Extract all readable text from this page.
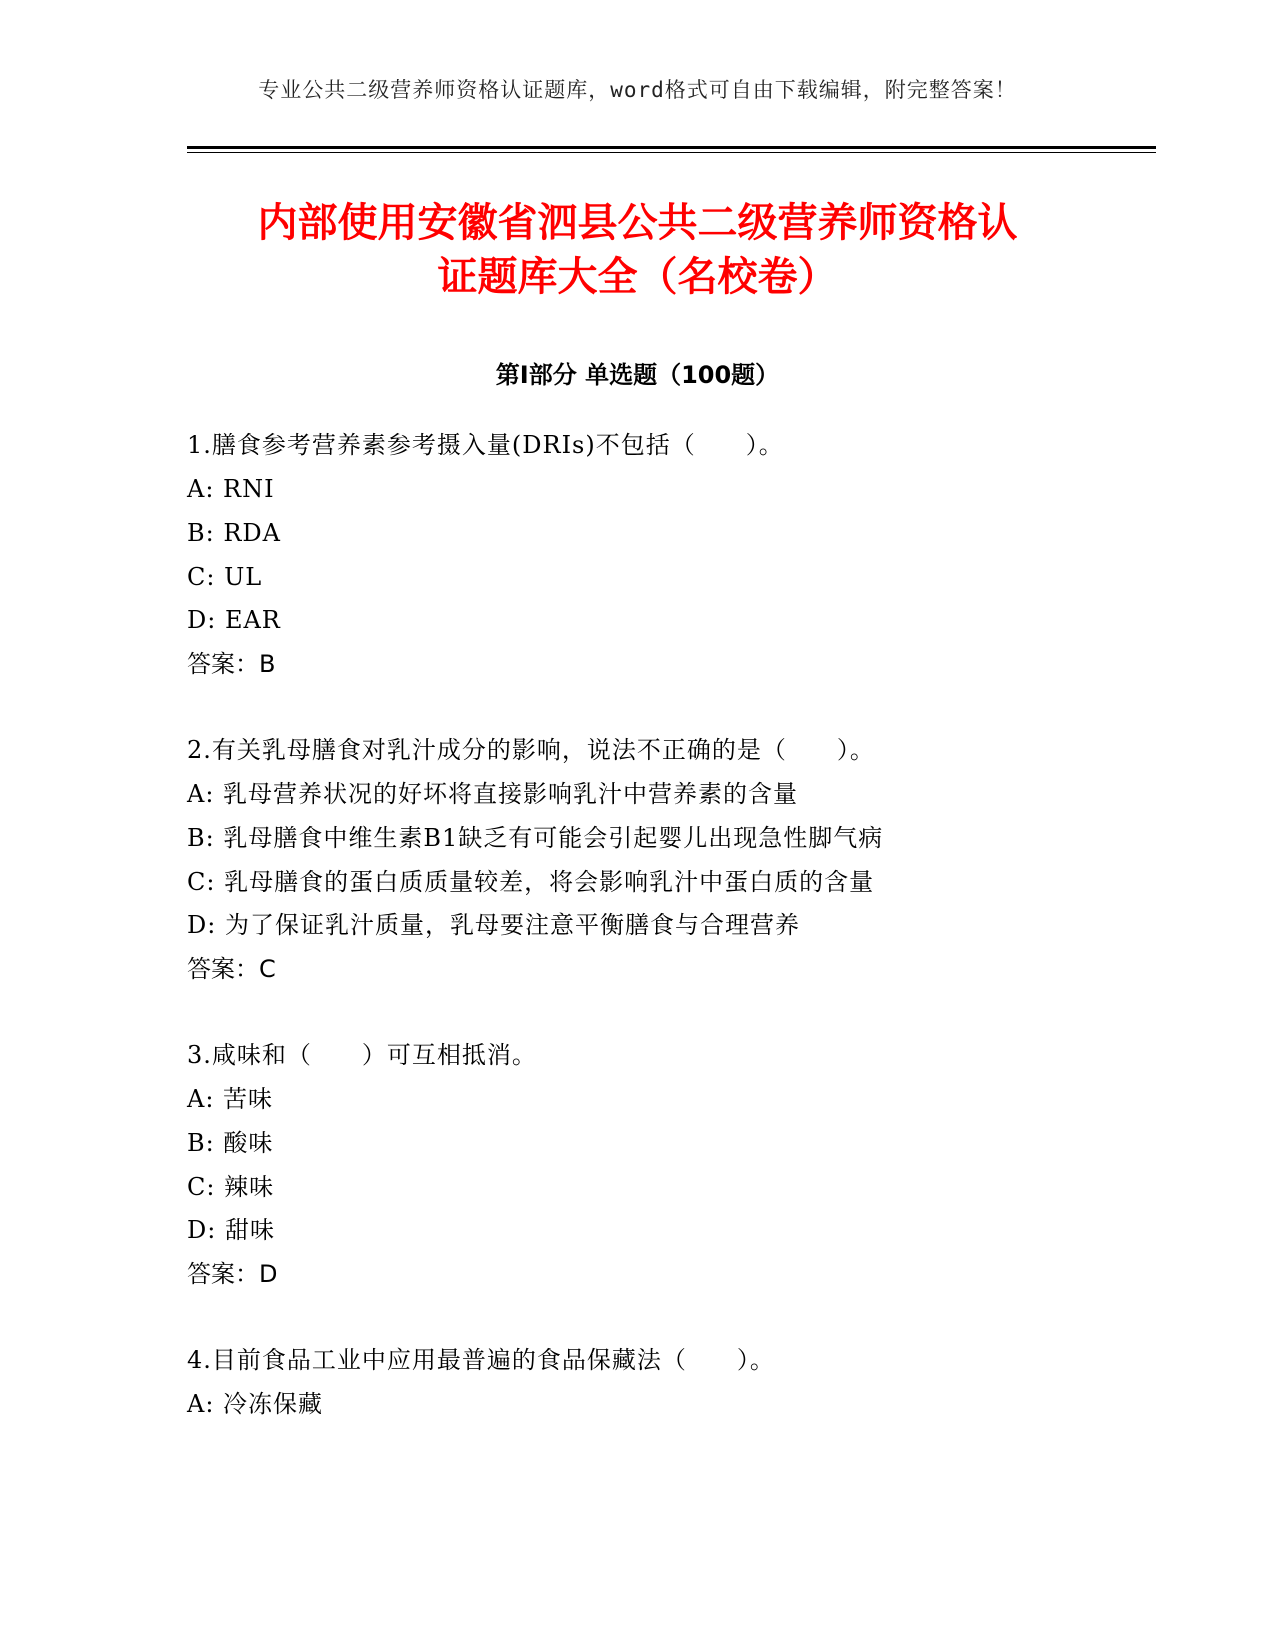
专业公共二级营养师资格认证题库，word格式可自由下载编辑，附完整答案！
内部使用安徽省泗县公共二级营养师资格认
证题库大全（名校卷）
第Ⅰ部分 单选题（100题）
1.膳食参考营养素参考摄入量(DRIs)不包括（　　）。
A: RNI
B: RDA
C: UL
D: EAR
答案：B
2.有关乳母膳食对乳汁成分的影响，说法不正确的是（　　）。
A: 乳母营养状况的好坏将直接影响乳汁中营养素的含量
B: 乳母膳食中维生素B1缺乏有可能会引起婴儿出现急性脚气病
C: 乳母膳食的蛋白质质量较差，将会影响乳汁中蛋白质的含量
D: 为了保证乳汁质量，乳母要注意平衡膳食与合理营养
答案：C
3.咸味和（　　）可互相抵消。
A: 苦味
B: 酸味
C: 辣味
D: 甜味
答案：D
4.目前食品工业中应用最普遍的食品保藏法（　　）。
A: 冷冻保藏
